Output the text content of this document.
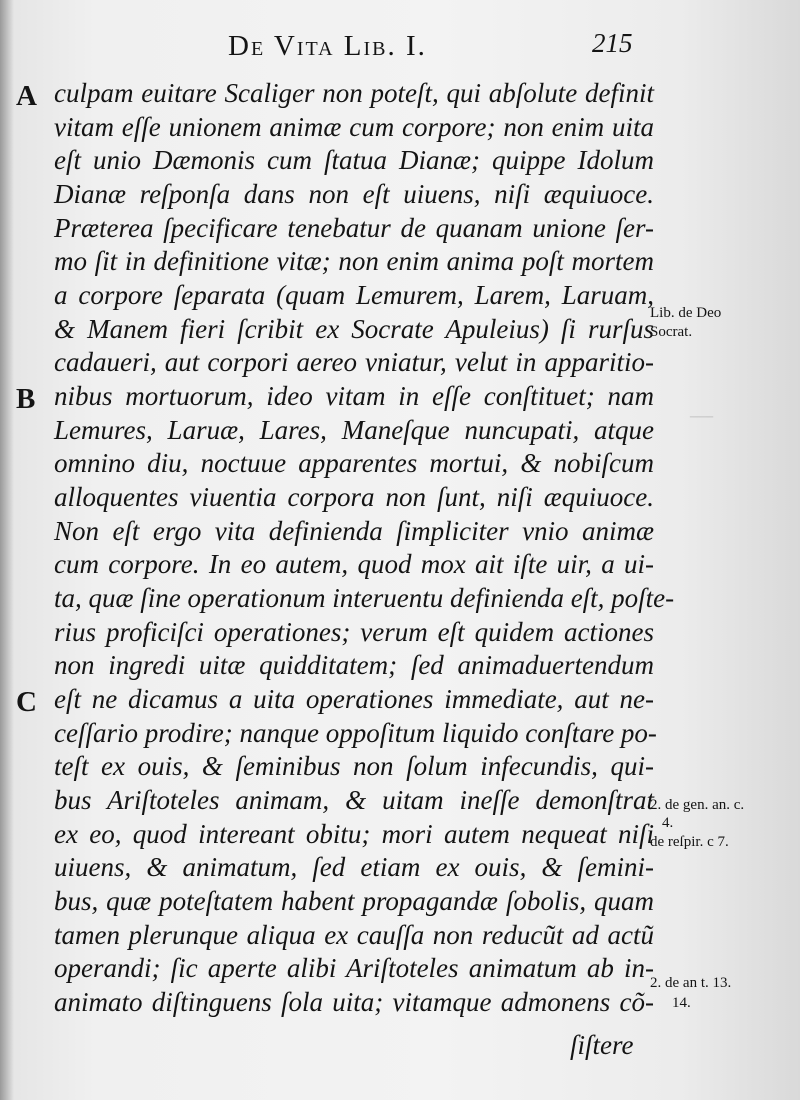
—
De Vita Lib. I.	215
A
B
C
culpam euitare Scaliger non poteſt, qui abſolute definit
vitam eſſe unionem animæ cum corpore; non enim uita
eſt unio Dæmonis cum ſtatua Dianæ; quippe Idolum
Dianæ reſponſa dans non eſt uiuens, niſi æquiuoce.
Præterea ſpecificare tenebatur de quanam unione ſer-
mo ſit in definitione vitæ; non enim anima poſt mortem
a corpore ſeparata (quam Lemurem, Larem, Laruam,
& Manem fieri ſcribit ex Socrate Apuleius) ſi rurſus
cadaueri, aut corpori aereo vniatur, velut in apparitio-
nibus mortuorum, ideo vitam in eſſe conſtituet; nam
Lemures, Laruæ, Lares, Maneſque nuncupati, atque
omnino diu, noctuue apparentes mortui, & nobiſcum
alloquentes viuentia corpora non ſunt, niſi æquiuoce.
Non eſt ergo vita definienda ſimpliciter vnio animæ
cum corpore. In eo autem, quod mox ait iſte uir, a ui-
ta, quæ ſine operationum interuentu definienda eſt, poſte-
rius proficiſci operationes; verum eſt quidem actiones
non ingredi uitæ quidditatem; ſed animaduertendum
eſt ne dicamus a uita operationes immediate, aut ne-
ceſſario prodire; nanque oppoſitum liquido conſtare po-
teſt ex ouis, & ſeminibus non ſolum infecundis, qui-
bus Ariſtoteles animam, & uitam ineſſe demonſtrat
ex eo, quod intereant obitu; mori autem nequeat niſi
uiuens, & animatum, ſed etiam ex ouis, & ſemini-
bus, quæ poteſtatem habent propagandæ ſobolis, quam
tamen plerunque aliqua ex cauſſa non reducũt ad actũ
operandi; ſic aperte alibi Ariſtoteles animatum ab in-
animato diſtinguens ſola uita; vitamque admonens cõ-
ſiſtere
Lib. de Deo
Socrat.
2. de gen. an. c.
4.
de reſpir. c 7.
2. de an t. 13.
14.
